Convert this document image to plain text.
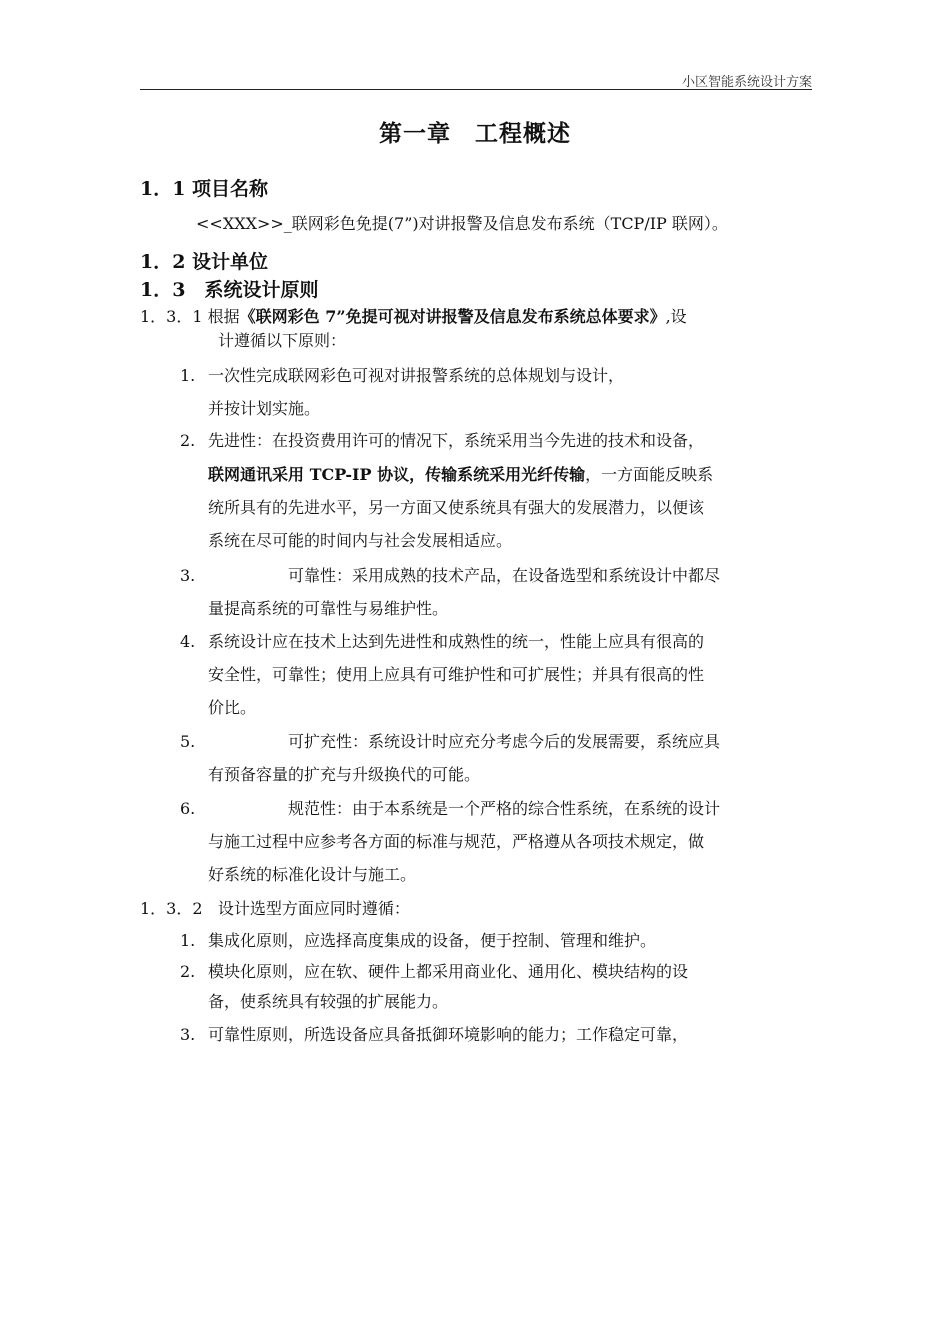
小区智能系统设计方案
第一章　工程概述
1．1 项目名称
<<XXX>>_联网彩色免提(7”)对讲报警及信息发布系统（TCP/IP 联网）。
1．2 设计单位
1．3　系统设计原则
1．3．1 根据《联网彩色 7”免提可视对讲报警及信息发布系统总体要求》,设
计遵循以下原则：
1. 一次性完成联网彩色可视对讲报警系统的总体规划与设计，
并按计划实施。
2. 先进性：在投资费用许可的情况下，系统采用当今先进的技术和设备，
联网通讯采用 TCP-IP 协议，传输系统采用光纤传输，一方面能反映系
统所具有的先进水平，另一方面又使系统具有强大的发展潜力，以便该
系统在尽可能的时间内与社会发展相适应。
3.	可靠性：采用成熟的技术产品，在设备选型和系统设计中都尽
量提高系统的可靠性与易维护性。
4. 系统设计应在技术上达到先进性和成熟性的统一，性能上应具有很高的
安全性，可靠性；使用上应具有可维护性和可扩展性；并具有很高的性
价比。
5.	可扩充性：系统设计时应充分考虑今后的发展需要，系统应具
有预备容量的扩充与升级换代的可能。
6.	规范性：由于本系统是一个严格的综合性系统，在系统的设计
与施工过程中应参考各方面的标准与规范，严格遵从各项技术规定，做
好系统的标准化设计与施工。
1．3．2 设计选型方面应同时遵循：
1. 集成化原则，应选择高度集成的设备，便于控制、管理和维护。
2. 模块化原则，应在软、硬件上都采用商业化、通用化、模块结构的设
备，使系统具有较强的扩展能力。
3. 可靠性原则，所选设备应具备抵御环境影响的能力；工作稳定可靠，
